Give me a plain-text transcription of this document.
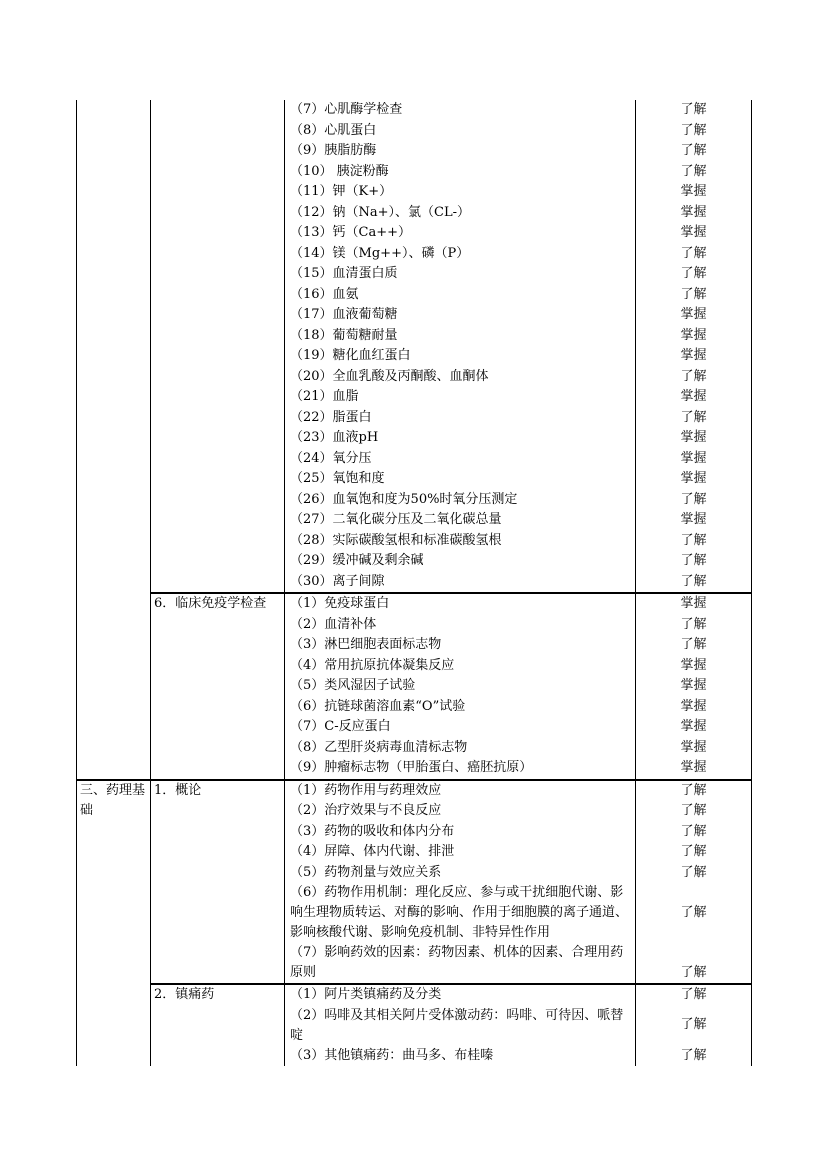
		（7）心肌酶学检查	了解
		（8）心肌蛋白	了解
		（9）胰脂肪酶	了解
		（10） 胰淀粉酶	了解
		（11）钾（K+）	掌握
		（12）钠（Na+）、氯（CL-）	掌握
		（13）钙（Ca++）	掌握
		（14）镁（Mg++）、磷（P）	了解
		（15）血清蛋白质	了解
		（16）血氨	了解
		（17）血液葡萄糖	掌握
		（18）葡萄糖耐量	掌握
		（19）糖化血红蛋白	掌握
		（20）全血乳酸及丙酮酸、血酮体	了解
		（21）血脂	掌握
		（22）脂蛋白	了解
		（23）血液pH	掌握
		（24）氧分压	掌握
		（25）氧饱和度	掌握
		（26）血氧饱和度为50%时氧分压测定	了解
		（27）二氧化碳分压及二氧化碳总量	掌握
		（28）实际碳酸氢根和标准碳酸氢根	了解
		（29）缓冲碱及剩余碱	了解
		（30）离子间隙	了解
	6．临床免疫学检查	（1）免疫球蛋白	掌握
		（2）血清补体	了解
		（3）淋巴细胞表面标志物	了解
		（4）常用抗原抗体凝集反应	掌握
		（5）类风湿因子试验	掌握
		（6）抗链球菌溶血素“O”试验	掌握
		（7）C-反应蛋白	掌握
		（8）乙型肝炎病毒血清标志物	掌握
		（9）肿瘤标志物（甲胎蛋白、癌胚抗原）	掌握
三、药理基础	1．概论	（1）药物作用与药理效应	了解
		（2）治疗效果与不良反应	了解
		（3）药物的吸收和体内分布	了解
		（4）屏障、体内代谢、排泄	了解
		（5）药物剂量与效应关系	了解
		（6）药物作用机制：理化反应、参与或干扰细胞代谢、影响生理物质转运、对酶的影响、作用于细胞膜的离子通道、影响核酸代谢、影响免疫机制、非特异性作用	了解
		（7）影响药效的因素：药物因素、机体的因素、合理用药原则	了解
	2．镇痛药	（1）阿片类镇痛药及分类	了解
		（2）吗啡及其相关阿片受体激动药：吗啡、可待因、哌替啶	了解
		（3）其他镇痛药：曲马多、布桂嗪	了解
